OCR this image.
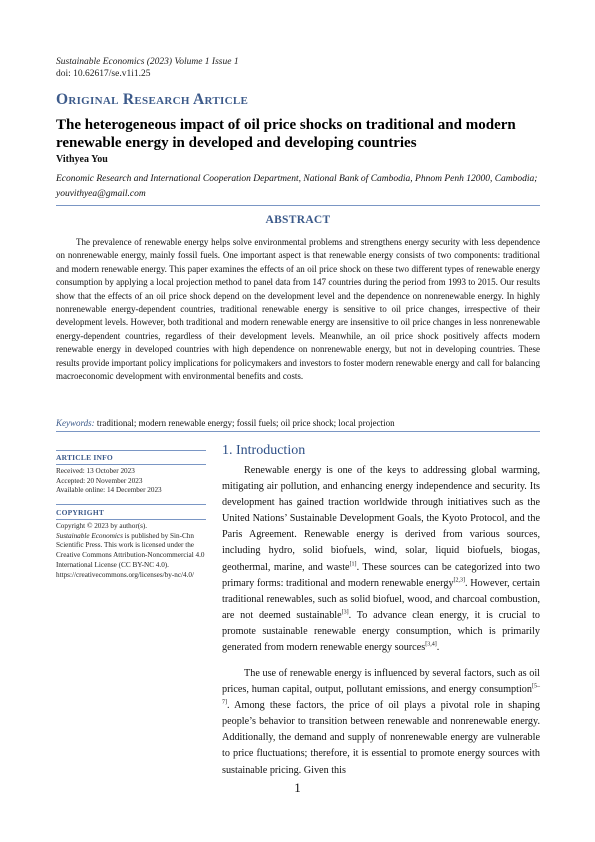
Sustainable Economics (2023) Volume 1 Issue 1
doi: 10.62617/se.v1i1.25
Original Research Article
The heterogeneous impact of oil price shocks on traditional and modern renewable energy in developed and developing countries
Vithyea You
Economic Research and International Cooperation Department, National Bank of Cambodia, Phnom Penh 12000, Cambodia; youvithyea@gmail.com
ABSTRACT
The prevalence of renewable energy helps solve environmental problems and strengthens energy security with less dependence on nonrenewable energy, mainly fossil fuels. One important aspect is that renewable energy consists of two components: traditional and modern renewable energy. This paper examines the effects of an oil price shock on these two different types of renewable energy consumption by applying a local projection method to panel data from 147 countries during the period from 1993 to 2015. Our results show that the effects of an oil price shock depend on the development level and the dependence on nonrenewable energy. In highly nonrenewable energy-dependent countries, traditional renewable energy is sensitive to oil price changes, irrespective of their development levels. However, both traditional and modern renewable energy are insensitive to oil price changes in less nonrenewable energy-dependent countries, regardless of their development levels. Meanwhile, an oil price shock positively affects modern renewable energy in developed countries with high dependence on nonrenewable energy, but not in developing countries. These results provide important policy implications for policymakers and investors to foster modern renewable energy and call for balancing macroeconomic development with environmental benefits and costs.
Keywords: traditional; modern renewable energy; fossil fuels; oil price shock; local projection
ARTICLE INFO
Received: 13 October 2023
Accepted: 20 November 2023
Available online: 14 December 2023
COPYRIGHT
Copyright © 2023 by author(s).
Sustainable Economics is published by Sin-Chn Scientific Press. This work is licensed under the Creative Commons Attribution-Noncommercial 4.0 International License (CC BY-NC 4.0).
https://creativecommons.org/licenses/by-nc/4.0/
1. Introduction

Renewable energy is one of the keys to addressing global warming, mitigating air pollution, and enhancing energy independence and security. Its development has gained traction worldwide through initiatives such as the United Nations’ Sustainable Development Goals, the Kyoto Protocol, and the Paris Agreement. Renewable energy is derived from various sources, including hydro, solid biofuels, wind, solar, liquid biofuels, biogas, geothermal, marine, and waste[1]. These sources can be categorized into two primary forms: traditional and modern renewable energy[2,3]. However, certain traditional renewables, such as solid biofuel, wood, and charcoal combustion, are not deemed sustainable[3]. To advance clean energy, it is crucial to promote sustainable renewable energy consumption, which is primarily generated from modern renewable energy sources[3,4].

The use of renewable energy is influenced by several factors, such as oil prices, human capital, output, pollutant emissions, and energy consumption[5–7]. Among these factors, the price of oil plays a pivotal role in shaping people’s behavior to transition between renewable and nonrenewable energy. Additionally, the demand and supply of nonrenewable energy are vulnerable to price fluctuations; therefore, it is essential to promote energy sources with sustainable pricing. Given this

1
